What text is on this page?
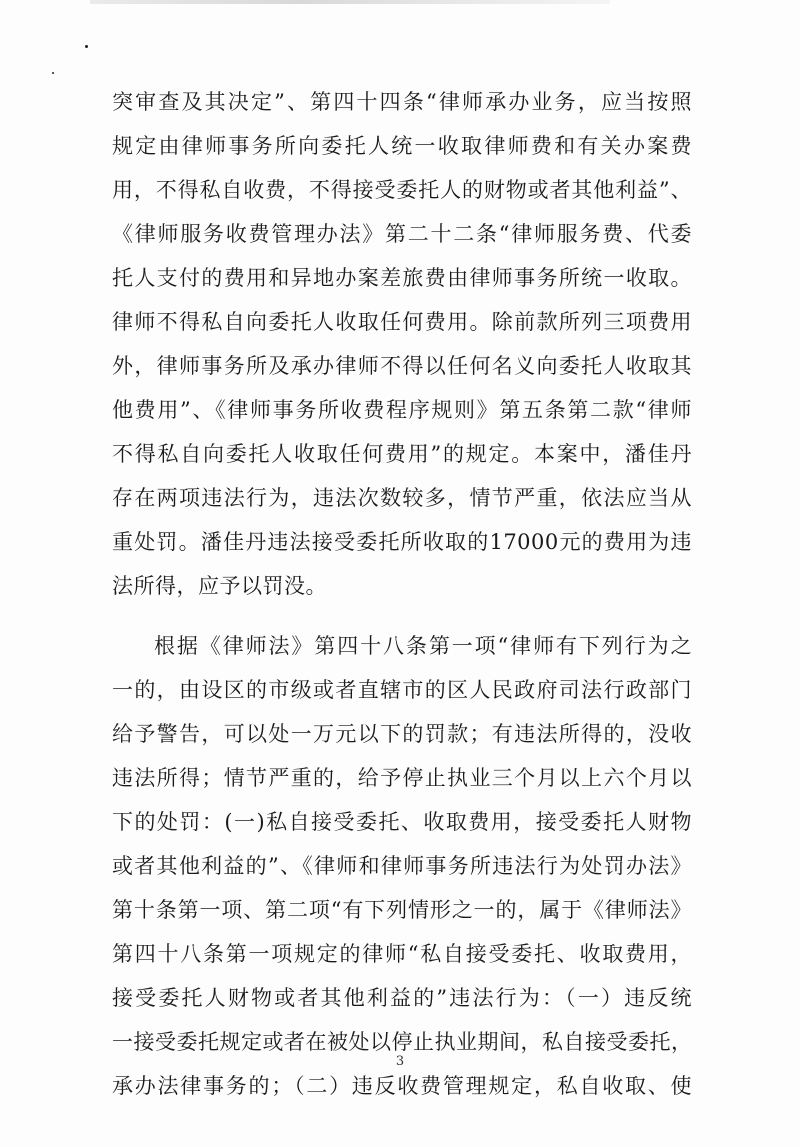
突审查及其决定”、第四十四条“律师承办业务，应当按照
规定由律师事务所向委托人统一收取律师费和有关办案费
用，不得私自收费，不得接受委托人的财物或者其他利益”、
《律师服务收费管理办法》第二十二条“律师服务费、代委
托人支付的费用和异地办案差旅费由律师事务所统一收取。
律师不得私自向委托人收取任何费用。除前款所列三项费用
外，律师事务所及承办律师不得以任何名义向委托人收取其
他费用”、《律师事务所收费程序规则》第五条第二款“律师
不得私自向委托人收取任何费用”的规定。本案中，潘佳丹
存在两项违法行为，违法次数较多，情节严重，依法应当从
重处罚。潘佳丹违法接受委托所收取的17000元的费用为违
法所得，应予以罚没。
根据《律师法》第四十八条第一项“律师有下列行为之
一的，由设区的市级或者直辖市的区人民政府司法行政部门
给予警告，可以处一万元以下的罚款；有违法所得的，没收
违法所得；情节严重的，给予停止执业三个月以上六个月以
下的处罚：(一)私自接受委托、收取费用，接受委托人财物
或者其他利益的”、《律师和律师事务所违法行为处罚办法》
第十条第一项、第二项“有下列情形之一的，属于《律师法》
第四十八条第一项规定的律师“私自接受委托、收取费用，
接受委托人财物或者其他利益的”违法行为：（一）违反统
一接受委托规定或者在被处以停止执业期间，私自接受委托，
承办法律事务的；（二）违反收费管理规定，私自收取、使
3
